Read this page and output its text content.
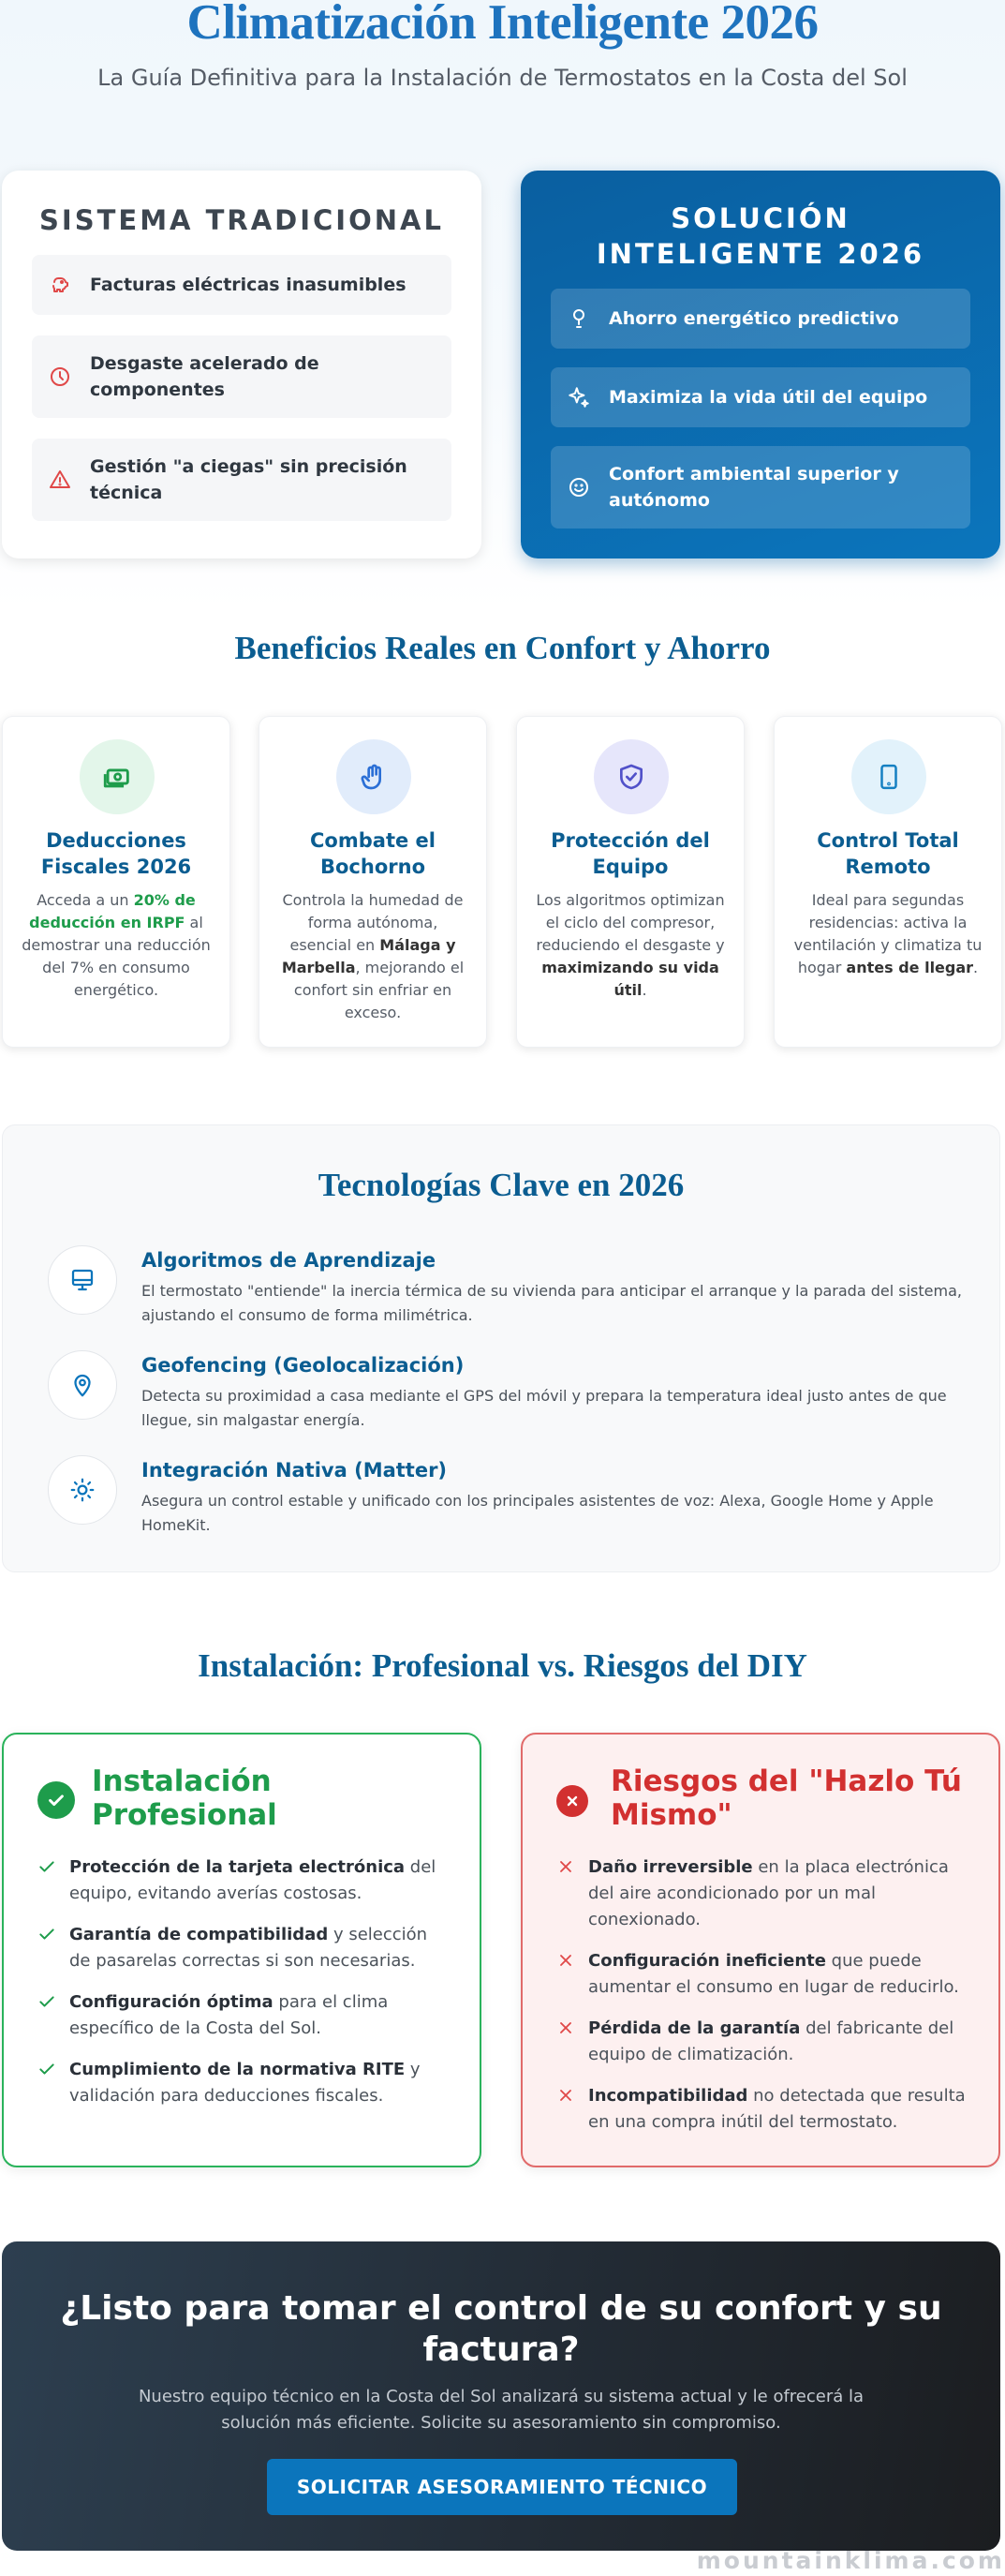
Climatización Inteligente 2026

La Guía Definitiva para la Instalación de Termostatos en la Costa del Sol

SISTEMA TRADICIONAL
Facturas eléctricas inasumibles
Desgaste acelerado de componentes
Gestión "a ciegas" sin precisión técnica
SOLUCIÓN INTELIGENTE 2026
Ahorro energético predictivo
Maximiza la vida útil del equipo
Confort ambiental superior y autónomo
Beneficios Reales en Confort y Ahorro
Deducciones Fiscales 2026
Acceda a un 20% de deducción en IRPF al demostrar una reducción del 7% en consumo energético.
Combate el Bochorno
Controla la humedad de forma autónoma, esencial en Málaga y Marbella, mejorando el confort sin enfriar en exceso.
Protección del Equipo
Los algoritmos optimizan el ciclo del compresor, reduciendo el desgaste y maximizando su vida útil.
Control Total Remoto
Ideal para segundas residencias: activa la ventilación y climatiza tu hogar antes de llegar.
Tecnologías Clave en 2026
Algoritmos de Aprendizaje
El termostato "entiende" la inercia térmica de su vivienda para anticipar el arranque y la parada del sistema, ajustando el consumo de forma milimétrica.
Geofencing (Geolocalización)
Detecta su proximidad a casa mediante el GPS del móvil y prepara la temperatura ideal justo antes de que llegue, sin malgastar energía.
Integración Nativa (Matter)
Asegura un control estable y unificado con los principales asistentes de voz: Alexa, Google Home y Apple HomeKit.
Instalación: Profesional vs. Riesgos del DIY
Instalación Profesional
Protección de la tarjeta electrónica del equipo, evitando averías costosas.
Garantía de compatibilidad y selección de pasarelas correctas si son necesarias.
Configuración óptima para el clima específico de la Costa del Sol.
Cumplimiento de la normativa RITE y validación para deducciones fiscales.
Riesgos del "Hazlo Tú Mismo"
Daño irreversible en la placa electrónica del aire acondicionado por un mal conexionado.
Configuración ineficiente que puede aumentar el consumo en lugar de reducirlo.
Pérdida de la garantía del fabricante del equipo de climatización.
Incompatibilidad no detectada que resulta en una compra inútil del termostato.
¿Listo para tomar el control de su confort y su factura?
Nuestro equipo técnico en la Costa del Sol analizará su sistema actual y le ofrecerá la solución más eficiente. Solicite su asesoramiento sin compromiso.
SOLICITAR ASESORAMIENTO TÉCNICO
mountainklima.com
